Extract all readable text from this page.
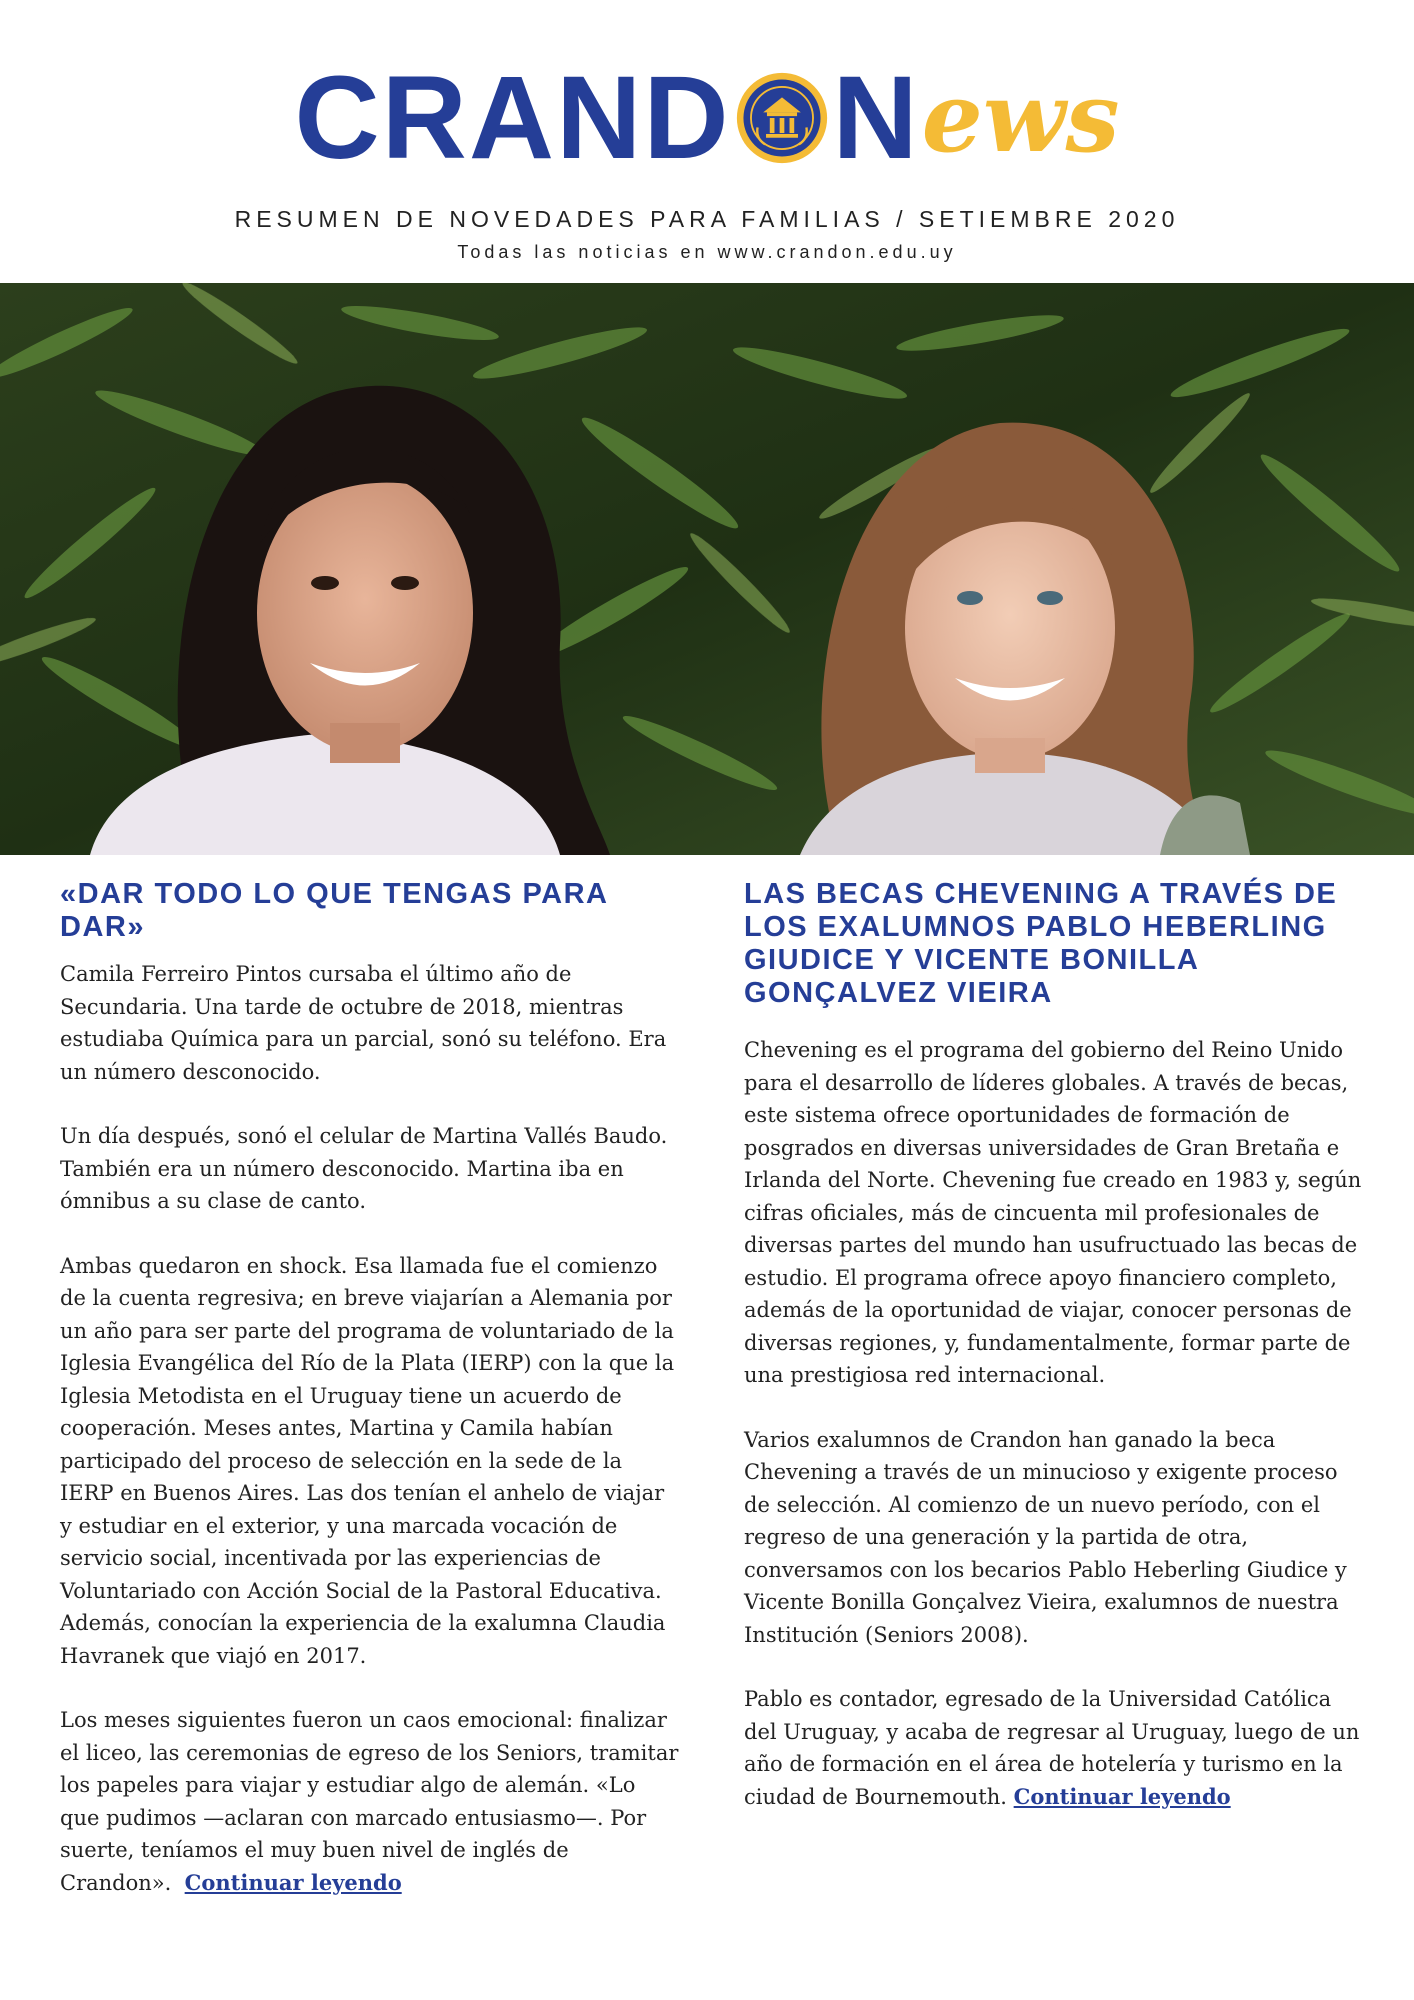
CRAND N ews
RESUMEN DE NOVEDADES PARA FAMILIAS / SETIEMBRE 2020
Todas las noticias en www.crandon.edu.uy
«DAR TODO LO QUE TENGAS PARA DAR»

Camila Ferreiro Pintos cursaba el último año de Secundaria. Una tarde de octubre de 2018, mientras estudiaba Química para un parcial, sonó su teléfono. Era un número desconocido.

Un día después, sonó el celular de Martina Vallés Baudo. También era un número desconocido. Martina iba en ómnibus a su clase de canto.

Ambas quedaron en shock. Esa llamada fue el comienzo de la cuenta regresiva; en breve viajarían a Alemania por un año para ser parte del programa de voluntariado de la Iglesia Evangélica del Río de la Plata (IERP) con la que la Iglesia Metodista en el Uruguay tiene un acuerdo de cooperación. Meses antes, Martina y Camila habían participado del proceso de selección en la sede de la IERP en Buenos Aires. Las dos tenían el anhelo de viajar y estudiar en el exterior, y una marcada vocación de servicio social, incentivada por las experiencias de Voluntariado con Acción Social de la Pastoral Educativa. Además, conocían la experiencia de la exalumna Claudia Havranek que viajó en 2017.

Los meses siguientes fueron un caos emocional: finalizar el liceo, las ceremonias de egreso de los Seniors, tramitar los papeles para viajar y estudiar algo de alemán. «Lo que pudimos —aclaran con marcado entusiasmo—. Por suerte, teníamos el muy buen nivel de inglés de Crandon». Continuar leyendo

LAS BECAS CHEVENING A TRAVÉS DE LOS EXALUMNOS PABLO HEBERLING GIUDICE Y VICENTE BONILLA GONÇALVEZ VIEIRA

Chevening es el programa del gobierno del Reino Unido para el desarrollo de líderes globales. A través de becas, este sistema ofrece oportunidades de formación de posgrados en diversas universidades de Gran Bretaña e Irlanda del Norte. Chevening fue creado en 1983 y, según cifras oficiales, más de cincuenta mil profesionales de diversas partes del mundo han usufructuado las becas de estudio. El programa ofrece apoyo financiero completo, además de la oportunidad de viajar, conocer personas de diversas regiones, y, fundamentalmente, formar parte de una prestigiosa red internacional.

Varios exalumnos de Crandon han ganado la beca Chevening a través de un minucioso y exigente proceso de selección. Al comienzo de un nuevo período, con el regreso de una generación y la partida de otra, conversamos con los becarios Pablo Heberling Giudice y Vicente Bonilla Gonçalvez Vieira, exalumnos de nuestra Institución (Seniors 2008).

Pablo es contador, egresado de la Universidad Católica del Uruguay, y acaba de regresar al Uruguay, luego de un año de formación en el área de hotelería y turismo en la ciudad de Bournemouth. Continuar leyendo
